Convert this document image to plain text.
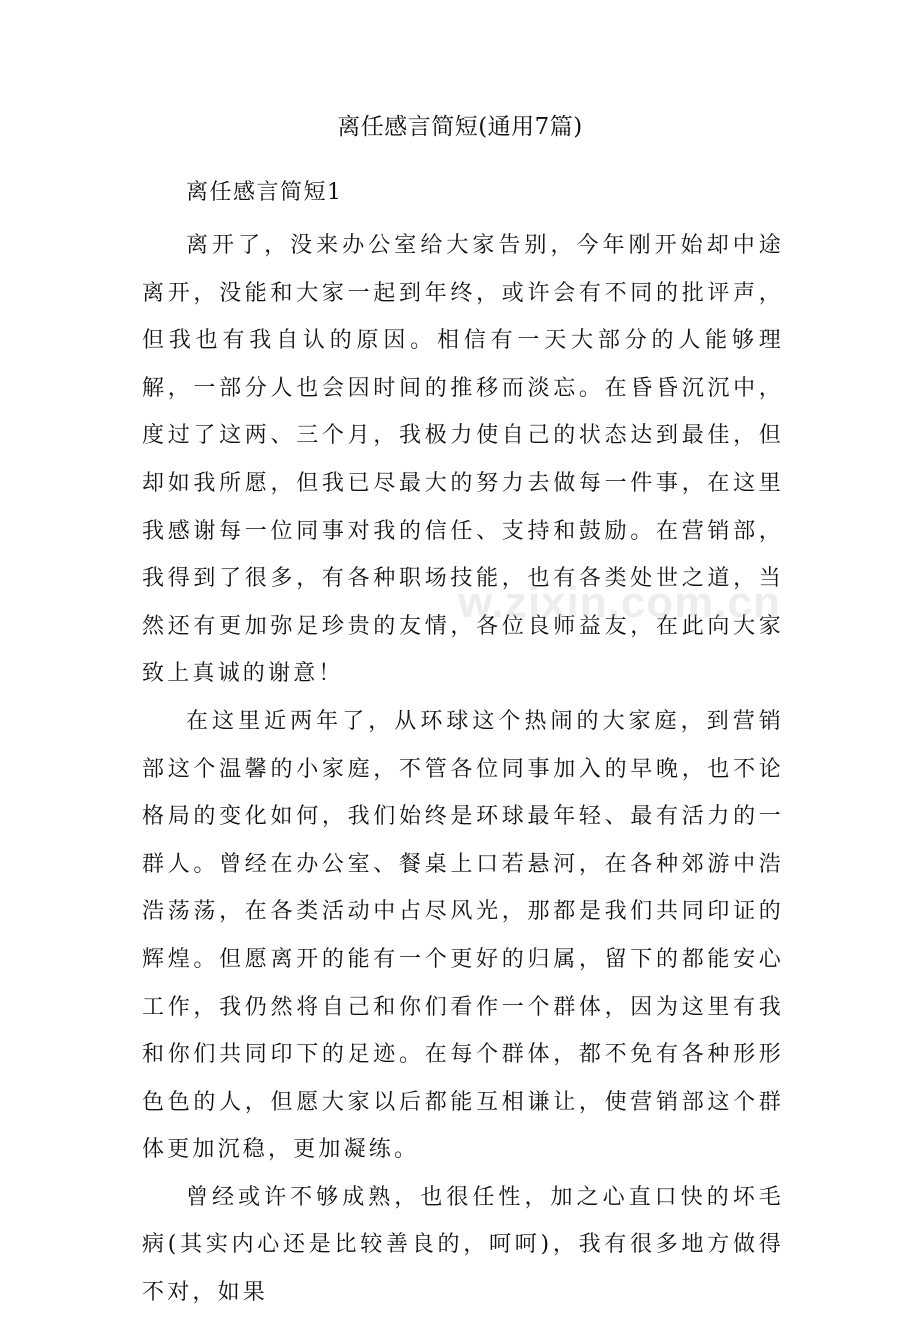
离任感言简短(通用7篇)
离任感言简短1

离开了，没来办公室给大家告别，今年刚开始却中途离开，没能和大家一起到年终，或许会有不同的批评声，但我也有我自认的原因。相信有一天大部分的人能够理解，一部分人也会因时间的推移而淡忘。在昏昏沉沉中，度过了这两、三个月，我极力使自己的状态达到最佳，但却如我所愿，但我已尽最大的努力去做每一件事，在这里我感谢每一位同事对我的信任、支持和鼓励。在营销部，我得到了很多，有各种职场技能，也有各类处世之道，当然还有更加弥足珍贵的友情，各位良师益友，在此向大家致上真诚的谢意！

在这里近两年了，从环球这个热闹的大家庭，到营销部这个温馨的小家庭，不管各位同事加入的早晚，也不论格局的变化如何，我们始终是环球最年轻、最有活力的一群人。曾经在办公室、餐桌上口若悬河，在各种郊游中浩浩荡荡，在各类活动中占尽风光，那都是我们共同印证的辉煌。但愿离开的能有一个更好的归属，留下的都能安心工作，我仍然将自己和你们看作一个群体，因为这里有我和你们共同印下的足迹。在每个群体，都不免有各种形形色色的人，但愿大家以后都能互相谦让，使营销部这个群体更加沉稳，更加凝练。

曾经或许不够成熟，也很任性，加之心直口快的坏毛病(其实内心还是比较善良的，呵呵)，我有很多地方做得不对，如果

w.zixin.com.cn
